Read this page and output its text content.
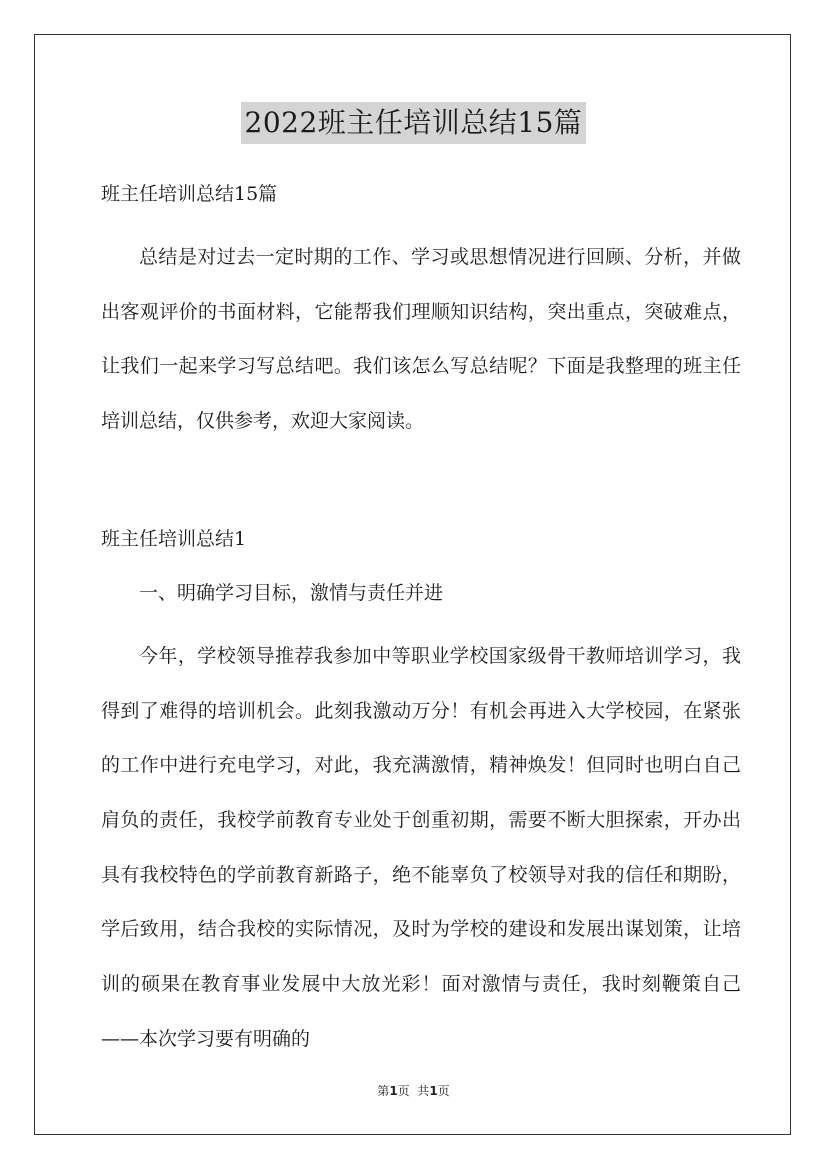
2022班主任培训总结15篇

班主任培训总结15篇

总结是对过去一定时期的工作、学习或思想情况进行回顾、分析，并做出客观评价的书面材料，它能帮我们理顺知识结构，突出重点，突破难点，让我们一起来学习写总结吧。我们该怎么写总结呢？下面是我整理的班主任培训总结，仅供参考，欢迎大家阅读。

班主任培训总结1

一、明确学习目标，激情与责任并进

今年，学校领导推荐我参加中等职业学校国家级骨干教师培训学习，我得到了难得的培训机会。此刻我激动万分！有机会再进入大学校园，在紧张的工作中进行充电学习，对此，我充满激情，精神焕发！但同时也明白自己肩负的责任，我校学前教育专业处于创重初期，需要不断大胆探索，开办出具有我校特色的学前教育新路子，绝不能辜负了校领导对我的信任和期盼，学后致用，结合我校的实际情况，及时为学校的建设和发展出谋划策，让培训的硕果在教育事业发展中大放光彩！面对激情与责任，我时刻鞭策自己——本次学习要有明确的

第1页  共1页
